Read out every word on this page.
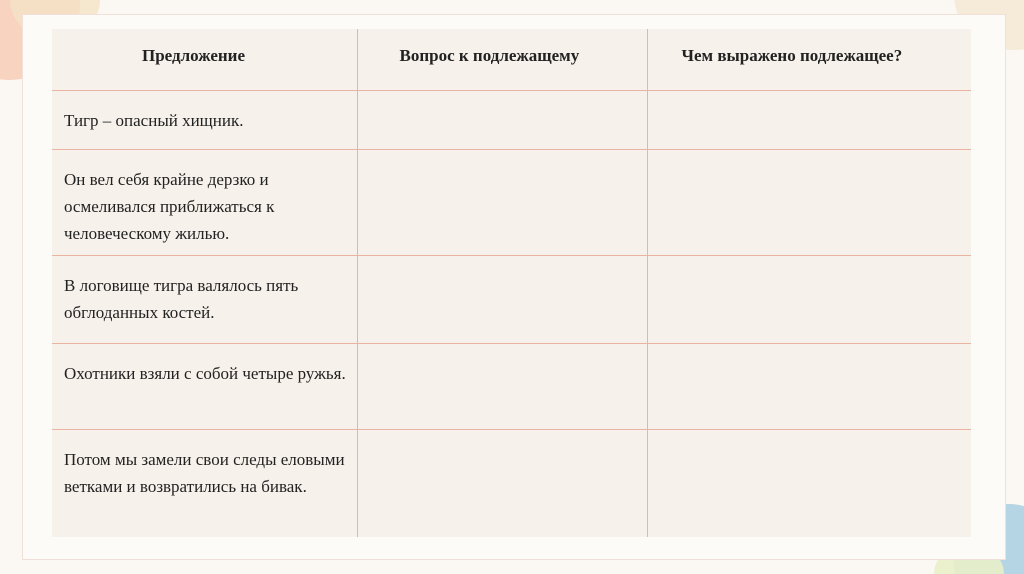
Предложение	Вопрос к подлежащему	Чем выражено подлежащее?
Тигр – опасный хищник.		
Он вел себя крайне дерзко и осмеливался приближаться к человеческому жилью.		
В логовище тигра валялось пять обглоданных костей.		
Охотники взяли с собой четыре ружья.		
Потом мы замели свои следы еловыми ветками и возвратились на бивак.		
